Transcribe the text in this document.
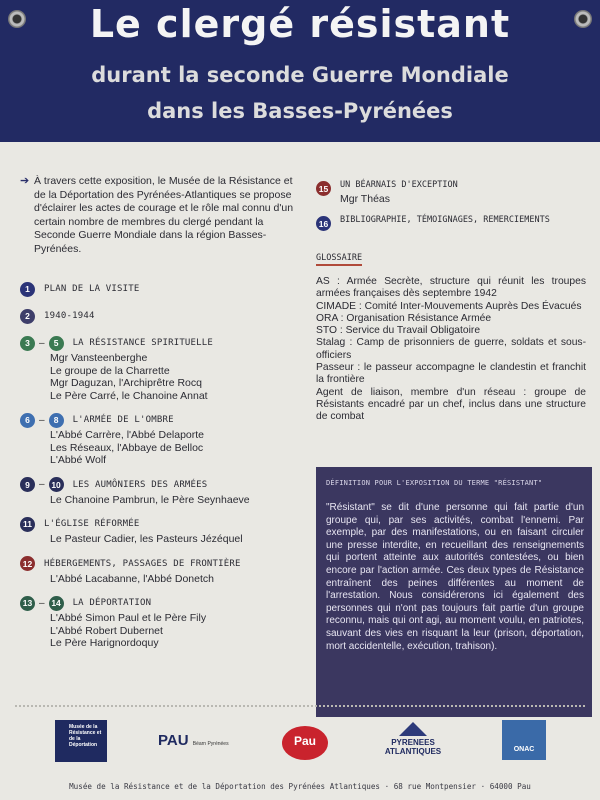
Le clergé résistant
durant la seconde Guerre Mondiale
dans les Basses-Pyrénées
➔ À travers cette exposition, le Musée de la Résistance et de la Déportation des Pyrénées-Atlantiques se propose d'éclairer les actes de courage et le rôle mal connu d'un certain nombre de membres du clergé pendant la Seconde Guerre Mondiale dans la région Basses-Pyrénées.
1	PLAN DE LA VISITE
2	1940-1944
3 –	5	LA RÉSISTANCE SPIRITUELLE
Mgr Vansteenberghe
Le groupe de la Charrette
Mgr Daguzan, l'Archiprêtre Rocq
Le Père Carré, le Chanoine Annat
6 –	8	L'ARMÉE DE L'OMBRE
L'Abbé Carrère, l'Abbé Delaporte
Les Réseaux, l'Abbaye de Belloc
L'Abbé Wolf
9 – 10	LES AUMÔNIERS DES ARMÉES
Le Chanoine Pambrun, le Père Seynhaeve
11	L'ÉGLISE RÉFORMÉE
Le Pasteur Cadier, les Pasteurs Jézéquel
12	HÉBERGEMENTS, PASSAGES DE FRONTIÈRE
L'Abbé Lacabanne, l'Abbé Donetch
13 – 14	LA DÉPORTATION
L'Abbé Simon Paul et le Père Fily
L'Abbé Robert Dubernet
Le Père Harignordoquy
15	UN BÉARNAIS D'EXCEPTION
Mgr Théas
16	BIBLIOGRAPHIE, TÉMOIGNAGES, REMERCIEMENTS
GLOSSAIRE

AS : Armée Secrète, structure qui réunit les troupes armées françaises dès septembre 1942

CIMADE : Comité Inter-Mouvements Auprès Des Évacués

ORA : Organisation Résistance Armée

STO : Service du Travail Obligatoire

Stalag : Camp de prisonniers de guerre, soldats et sous-officiers

Passeur : le passeur accompagne le clandestin et franchit la frontière

Agent de liaison, membre d'un réseau : groupe de Résistants encadré par un chef, inclus dans une structure de combat

DÉFINITION POUR L'EXPOSITION DU TERME "RÉSISTANT"
"Résistant" se dit d'une personne qui fait partie d'un groupe qui, par ses activités, combat l'ennemi. Par exemple, par des manifestations, ou en faisant circuler une presse interdite, en recueillant des renseignements qui portent atteinte aux autorités contestées, ou bien encore par l'action armée. Ces deux types de Résistance entraînent des peines différentes au moment de l'arrestation. Nous considérerons ici également des personnes qui n'ont pas toujours fait partie d'un groupe reconnu, mais qui ont agi, au moment voulu, en patriotes, sauvant des vies en risquant la leur (prison, déportation, mort accidentelle, exécution, trahison).
Musée de la Résistance et de la Déportation	PAU Béarn Pyrénées	Pau	PYRENEES ATLANTIQUES	ONAC
Musée de la Résistance et de la Déportation des Pyrénées Atlantiques · 68 rue Montpensier · 64000 Pau
